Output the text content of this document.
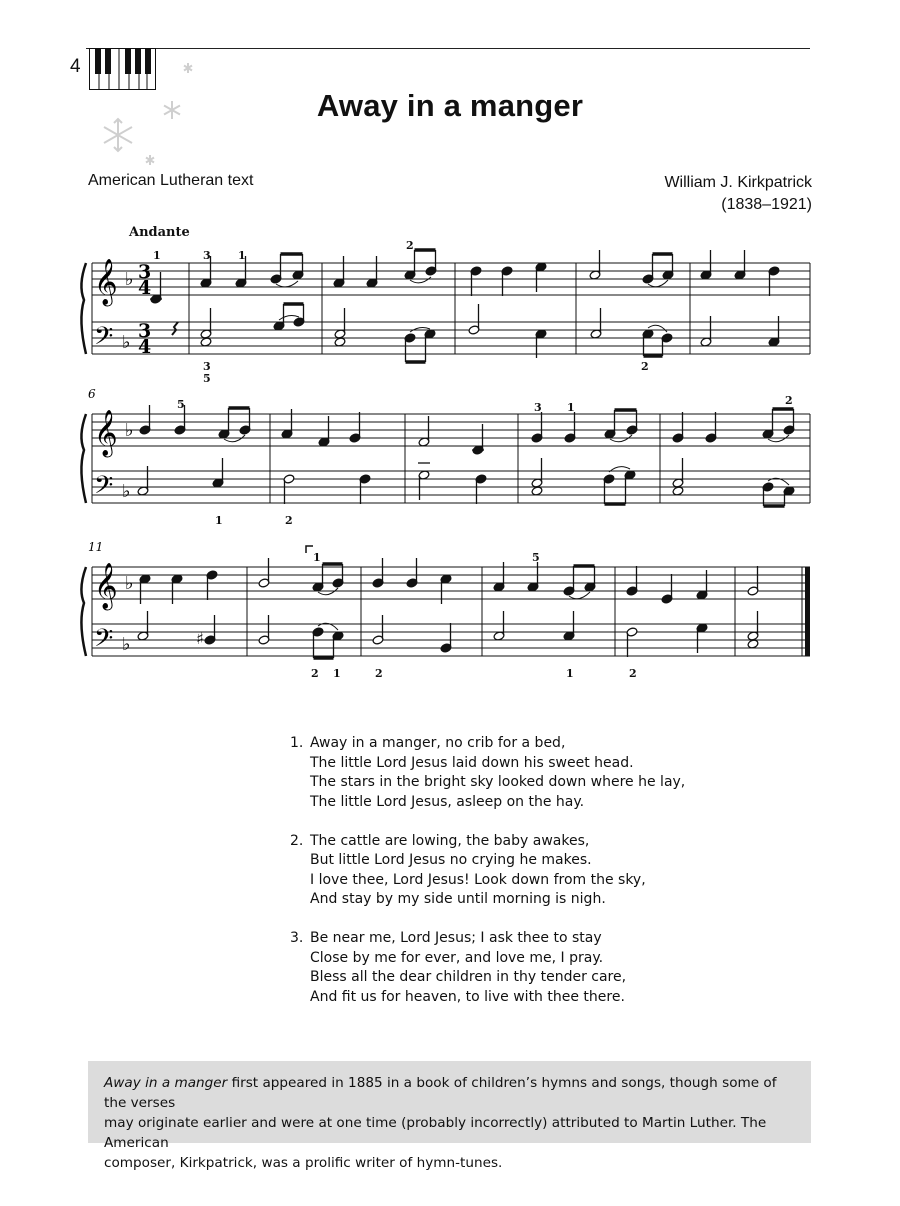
4
Away in a manger
American Lutheran text	William J. Kirkpatrick
(1838–1921)
Andante
𝄞
𝄢
♭
♭
3
4
3
4
1	3 1
2
3
5
2
6
𝄞
𝄢
♭
♭
5	3 1
2
1	2
11
𝄞
𝄢
♭
♭	♯
1	5
2 1	2	1	2
1. Away in a manger, no crib for a bed,
The little Lord Jesus laid down his sweet head.
The stars in the bright sky looked down where he lay,
The little Lord Jesus, asleep on the hay.
2. The cattle are lowing, the baby awakes,
But little Lord Jesus no crying he makes.
I love thee, Lord Jesus! Look down from the sky,
And stay by my side until morning is nigh.
3. Be near me, Lord Jesus; I ask thee to stay
Close by me for ever, and love me, I pray.
Bless all the dear children in thy tender care,
And fit us for heaven, to live with thee there.
Away in a manger first appeared in 1885 in a book of children’s hymns and songs, though some of the verses
may originate earlier and were at one time (probably incorrectly) attributed to Martin Luther. The American
composer, Kirkpatrick, was a prolific writer of hymn-tunes.
